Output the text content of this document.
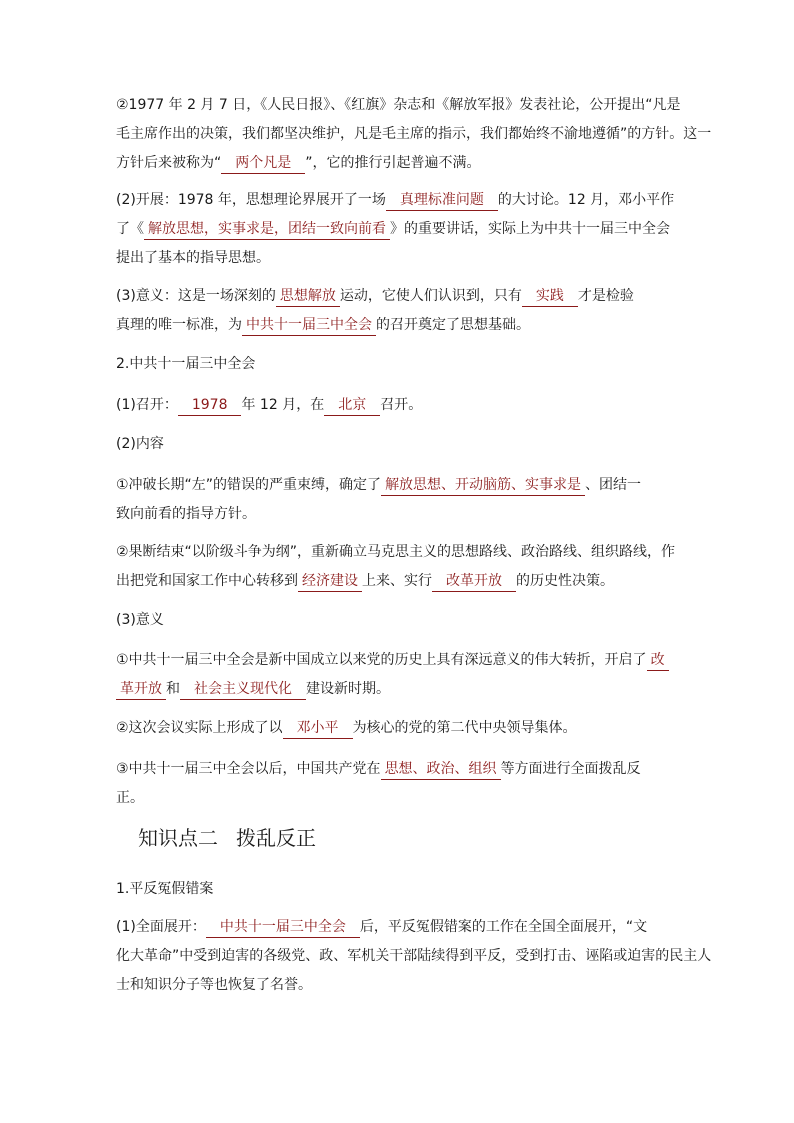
②1977 年 2 月 7 日，《人民日报》、《红旗》杂志和《解放军报》发表社论，公开提出“凡是
毛主席作出的决策，我们都坚决维护，凡是毛主席的指示，我们都始终不渝地遵循”的方针。这一
方针后来被称为“ 两个凡是 ”，它的推行引起普遍不满。
(2)开展：1978 年，思想理论界展开了一场 真理标准问题 的大讨论。12 月，邓小平作
了《 解放思想，实事求是，团结一致向前看 》的重要讲话，实际上为中共十一届三中全会
提出了基本的指导思想。
(3)意义：这是一场深刻的 思想解放 运动，它使人们认识到，只有 实践 才是检验
真理的唯一标准，为 中共十一届三中全会 的召开奠定了思想基础。
2.中共十一届三中全会
(1)召开： 1978 年 12 月，在 北京 召开。
(2)内容
①冲破长期“左”的错误的严重束缚，确定了 解放思想、开动脑筋、实事求是 、团结一
致向前看的指导方针。
②果断结束“以阶级斗争为纲”，重新确立马克思主义的思想路线、政治路线、组织路线，作
出把党和国家工作中心转移到 经济建设 上来、实行 改革开放 的历史性决策。
(3)意义
①中共十一届三中全会是新中国成立以来党的历史上具有深远意义的伟大转折，开启了 改
革开放 和 社会主义现代化 建设新时期。
②这次会议实际上形成了以 邓小平 为核心的党的第二代中央领导集体。
③中共十一届三中全会以后，中国共产党在 思想、政治、组织 等方面进行全面拨乱反
正。
知识点二 拨乱反正
1.平反冤假错案
(1)全面展开： 中共十一届三中全会 后，平反冤假错案的工作在全国全面展开，“文
化大革命”中受到迫害的各级党、政、军机关干部陆续得到平反，受到打击、诬陷或迫害的民主人
士和知识分子等也恢复了名誉。
